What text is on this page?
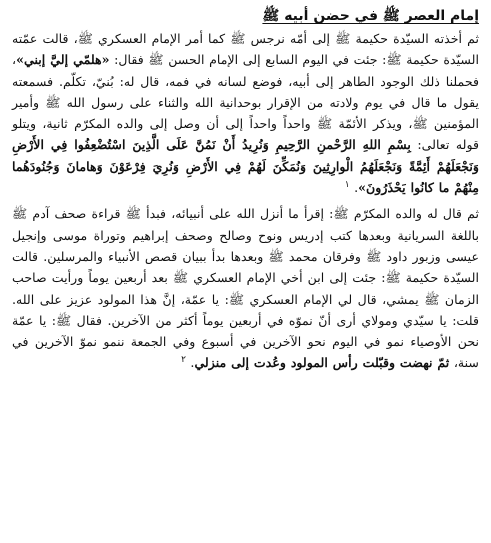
إمام العصر ﷺ في حضن أبيه ﷺ

ثم أخذته السيّدة حكيمة ﷺ إلى أمّه نرجس ﷺ كما أمر الإمام العسكري ﷺ، قالت عمّته السيّدة حكيمة ﷺ: جئت في اليوم السابع إلى الإمام الحسن ﷺ فقال: «هلمّي إليَّ إبني»، فحملنا ذلك الوجود الطاهر إلى أبيه، فوضع لسانه في فمه، قال له: بُنيّ، تكلّم. فسمعته يقول ما قال في يوم ولادته من الإقرار بوحدانية الله والثناء على رسول الله ﷺ وأمير المؤمنين ﷺ، ويذكر الأئمّة ﷺ واحداً واحداً إلى أن وصل إلى والده المكرّم ثانية، ويتلو قوله تعالى: بِسْمِ اللهِ الرَّحْمنِ الرَّحِيمِ وَنُرِيدُ أَنْ نَمُنَّ عَلَى الَّذِينَ اسْتُضْعِفُوا فِي الأَرْضِ وَنَجْعَلَهُمْ أَئِمَّةً وَنَجْعَلَهُمُ الْوارِثِينَ وَنُمَكِّنَ لَهُمْ فِي الأَرْضِ وَنُرِيَ فِرْعَوْنَ وَهامانَ وَجُنُودَهُما مِنْهُمْ ما كانُوا يَحْذَرُونَ». $^١$

ثم قال له والده المكرّم ﷺ: إقرأ ما أنزل الله على أنبيائه، فبدأ ﷺ قراءة صحف آدم ﷺ باللغة السريانية وبعدها كتب إدريس ونوح وصالح وصحف إبراهيم وتوراة موسى وإنجيل عيسى وزبور داود ﷺ وفرقان محمد ﷺ وبعدها بدأ ببيان قصص الأنبياء والمرسلين. قالت السيّدة حكيمة ﷺ: جئت إلى ابن أخي الإمام العسكري ﷺ بعد أربعين يوماً ورأيت صاحب الزمان ﷺ يمشي، قال لي الإمام العسكري ﷺ: يا عمّة، إنَّ هذا المولود عزيز على الله. قلت: يا سيّدي ومولاي أرى أنّ نموّه في أربعين يوماً أكثر من الآخرين. فقال ﷺ: يا عمّة نحن الأوصياء نمو في اليوم نحو الآخرين في أسبوع وفي الجمعة ننمو نموّ الآخرين في سنة، ثمّ نهضت وقبّلت رأس المولود وعُدت إلى منزلي. $^٢$
